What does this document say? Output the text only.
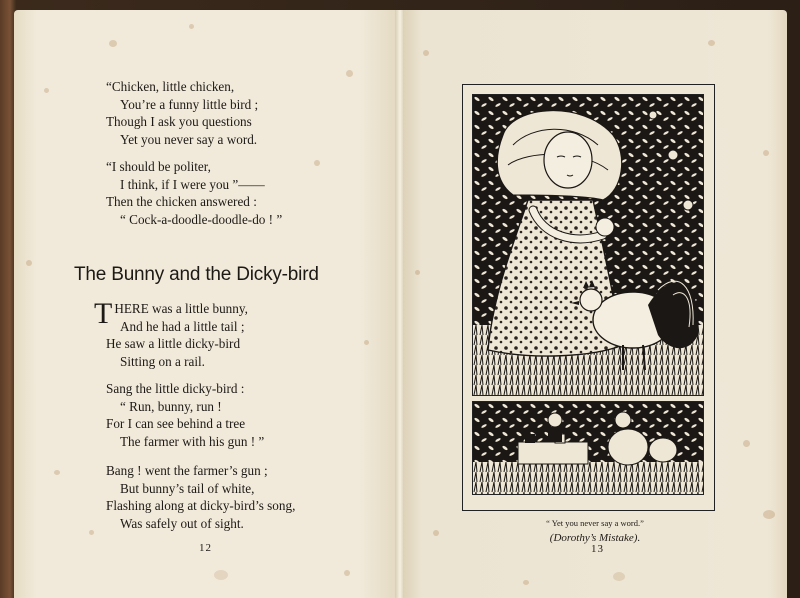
“Chicken, little chicken,
You’re a funny little bird ;
Though I ask you questions
Yet you never say a word.
“I should be politer,
I think, if I were you ”——
Then the chicken answered :
“ Cock-a-doodle-doodle-do ! ”
The Bunny and the Dicky-bird
THERE was a little bunny,
And he had a little tail ;
He saw a little dicky-bird
Sitting on a rail.
Sang the little dicky-bird :
“ Run, bunny, run !
For I can see behind a tree
The farmer with his gun ! ”
Bang ! went the farmer’s gun ;
But bunny’s tail of white,
Flashing along at dicky-bird’s song,
Was safely out of sight.
12
“ Yet you never say a word.”
(Dorothy’s Mistake).
13
